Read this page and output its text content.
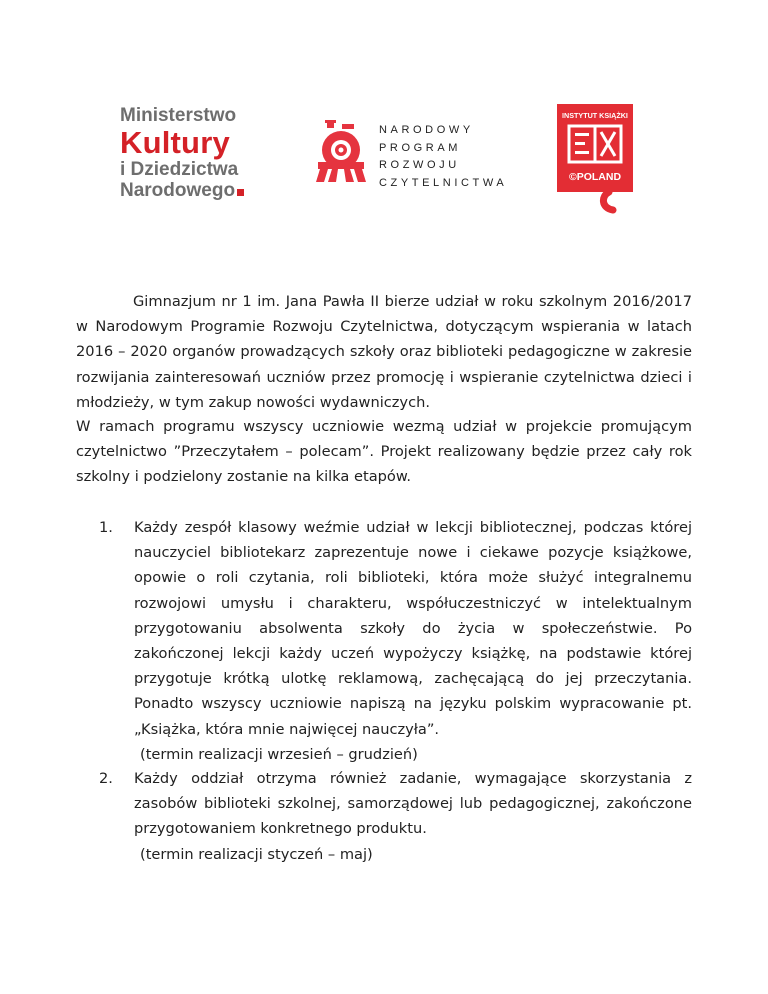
Ministerstwo
Kultury
i Dziedzictwa
Narodowego
NARODOWY
PROGRAM
ROZWOJU
CZYTELNICTWA
INSTYTUT KSIĄŻKI
©POLAND

Gimnazjum nr 1 im. Jana Pawła II bierze udział w roku szkolnym 2016/2017 w Narodowym Programie Rozwoju Czytelnictwa, dotyczącym wspierania w latach 2016 – 2020 organów prowadzących szkoły oraz biblioteki pedagogiczne w zakresie rozwijania zainteresowań uczniów przez promocję i wspieranie czytelnictwa dzieci i młodzieży, w tym zakup nowości wydawniczych.

W ramach programu wszyscy uczniowie wezmą udział w projekcie promującym czytelnictwo ”Przeczytałem – polecam”. Projekt realizowany będzie przez cały rok szkolny i podzielony zostanie na kilka etapów.

1. Każdy zespół klasowy weźmie udział w lekcji bibliotecznej, podczas której nauczyciel bibliotekarz zaprezentuje nowe i ciekawe pozycje książkowe, opowie o roli czytania, roli biblioteki, która może służyć integralnemu rozwojowi umysłu i charakteru, współuczestniczyć w intelektualnym przygotowaniu absolwenta szkoły do życia w społeczeństwie. Po zakończonej lekcji każdy uczeń wypożyczy książkę, na podstawie której przygotuje krótką ulotkę reklamową, zachęcającą do jej przeczytania. Ponadto wszyscy uczniowie napiszą na języku polskim wypracowanie pt. „Książka, która mnie najwięcej nauczyła”.
(termin realizacji wrzesień – grudzień)
2. Każdy oddział otrzyma również zadanie, wymagające skorzystania z zasobów biblioteki szkolnej, samorządowej lub pedagogicznej, zakończone przygotowaniem konkretnego produktu.
(termin realizacji styczeń – maj)
